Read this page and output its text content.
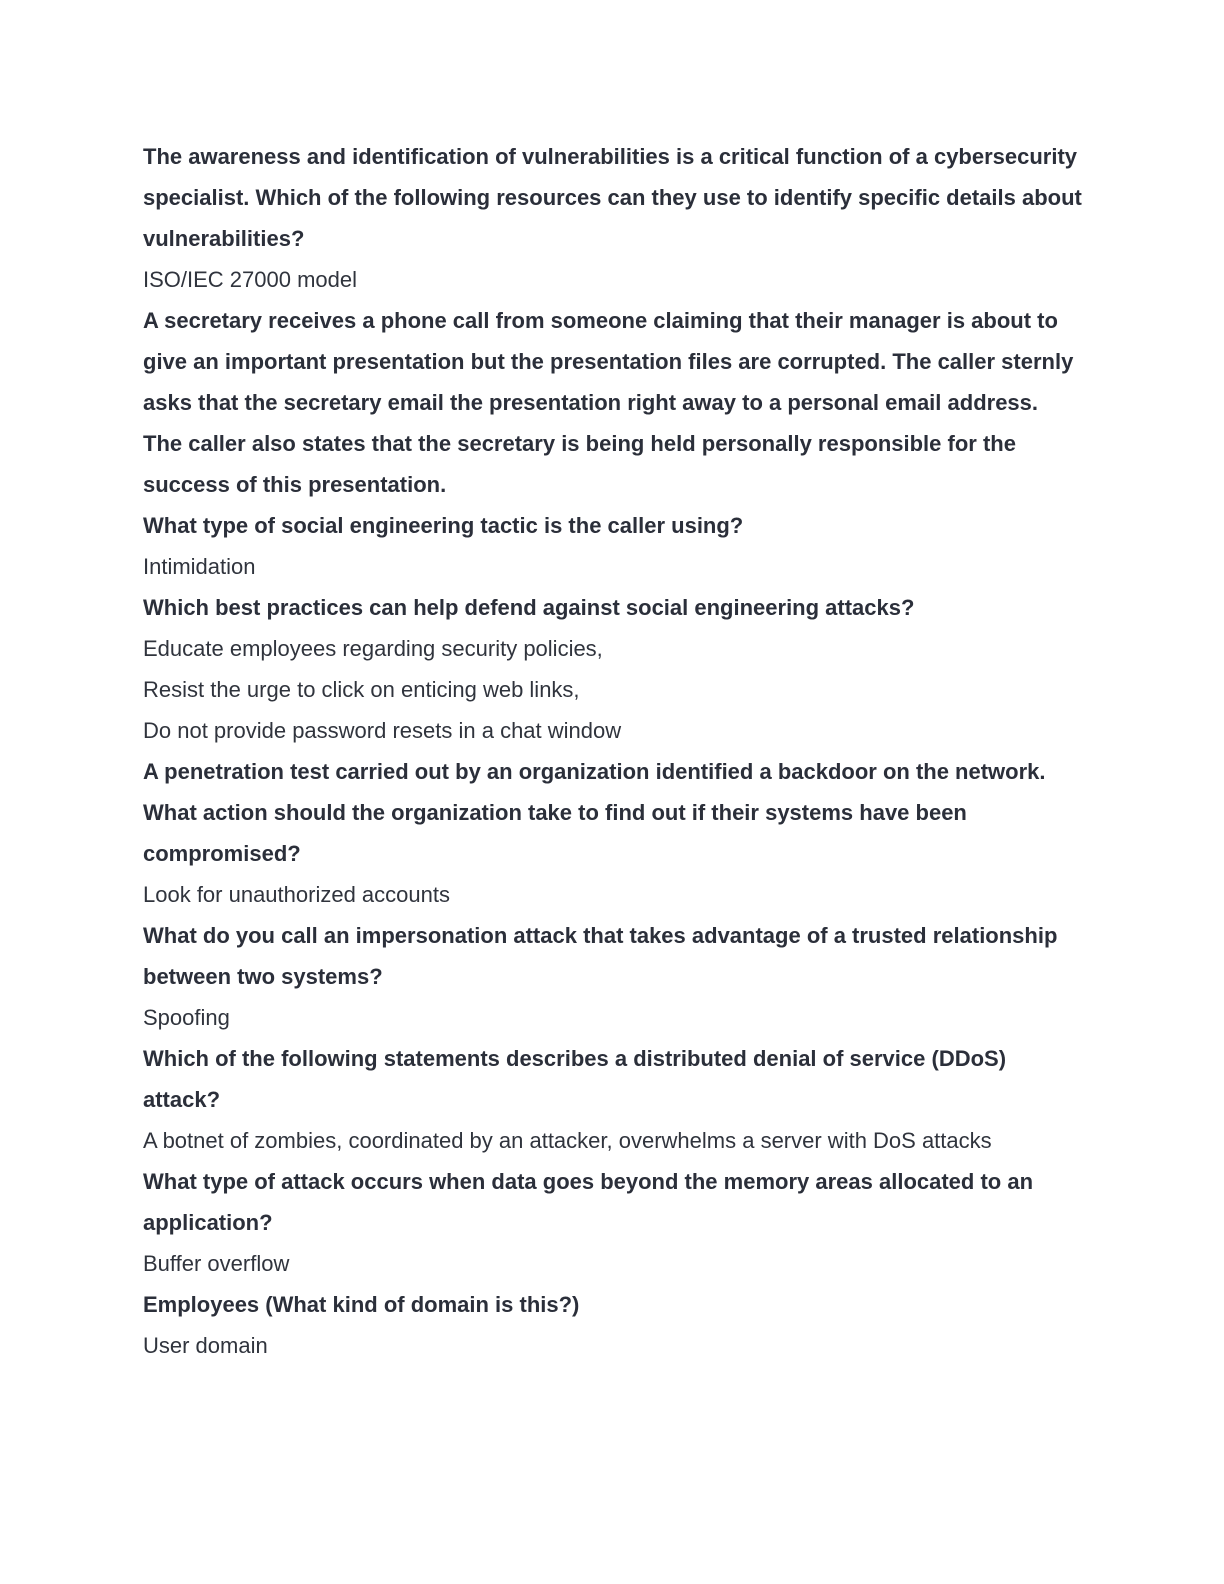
The awareness and identification of vulnerabilities is a critical function of a cybersecurity specialist. Which of the following resources can they use to identify specific details about vulnerabilities?

ISO/IEC 27000 model

A secretary receives a phone call from someone claiming that their manager is about to give an important presentation but the presentation files are corrupted. The caller sternly asks that the secretary email the presentation right away to a personal email address. The caller also states that the secretary is being held personally responsible for the success of this presentation.

What type of social engineering tactic is the caller using?

Intimidation

Which best practices can help defend against social engineering attacks?

Educate employees regarding security policies,
Resist the urge to click on enticing web links,
Do not provide password resets in a chat window

A penetration test carried out by an organization identified a backdoor on the network. What action should the organization take to find out if their systems have been compromised?

Look for unauthorized accounts

What do you call an impersonation attack that takes advantage of a trusted relationship between two systems?

Spoofing

Which of the following statements describes a distributed denial of service (DDoS) attack?

A botnet of zombies, coordinated by an attacker, overwhelms a server with DoS attacks

What type of attack occurs when data goes beyond the memory areas allocated to an application?

Buffer overflow

Employees (What kind of domain is this?)

User domain
